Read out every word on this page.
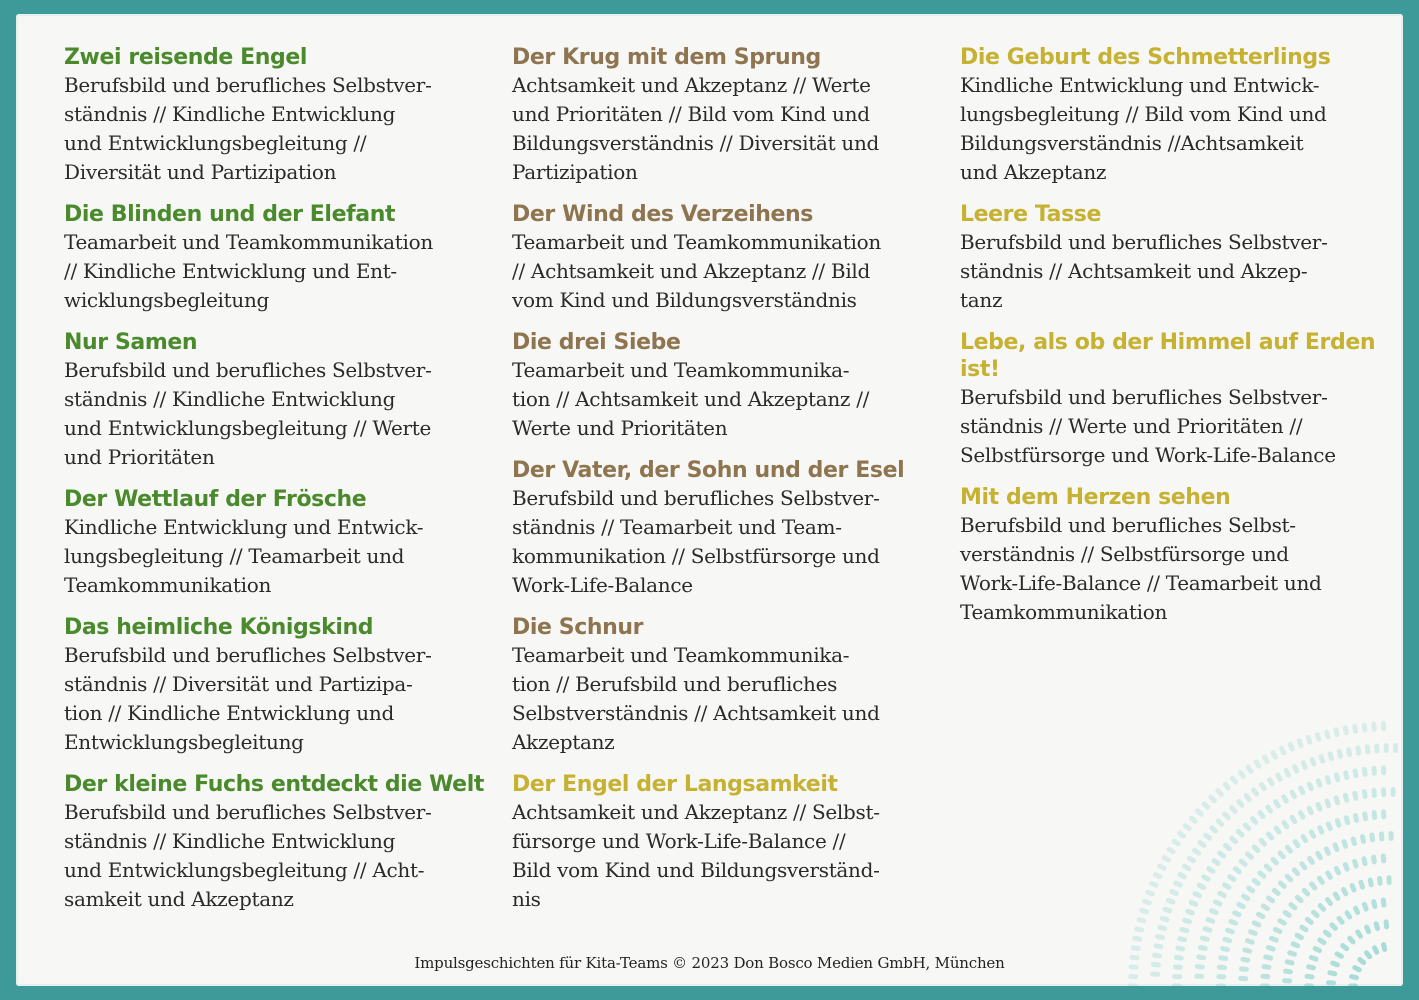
Zwei reisende Engel
Berufsbild und berufliches Selbstver-
ständnis // Kindliche Entwicklung
und Entwicklungsbegleitung //
Diversität und Partizipation
Die Blinden und der Elefant
Teamarbeit und Teamkommunikation
// Kindliche Entwicklung und Ent-
wicklungsbegleitung
Nur Samen
Berufsbild und berufliches Selbstver-
ständnis // Kindliche Entwicklung
und Entwicklungsbegleitung // Werte
und Prioritäten
Der Wettlauf der Frösche
Kindliche Entwicklung und Entwick-
lungsbegleitung // Teamarbeit und
Teamkommunikation
Das heimliche Königskind
Berufsbild und berufliches Selbstver-
ständnis // Diversität und Partizipa-
tion // Kindliche Entwicklung und
Entwicklungsbegleitung
Der kleine Fuchs entdeckt die Welt
Berufsbild und berufliches Selbstver-
ständnis // Kindliche Entwicklung
und Entwicklungsbegleitung // Acht-
samkeit und Akzeptanz
Der Krug mit dem Sprung
Achtsamkeit und Akzeptanz // Werte
und Prioritäten // Bild vom Kind und
Bildungsverständnis // Diversität und
Partizipation
Der Wind des Verzeihens
Teamarbeit und Teamkommunikation
// Achtsamkeit und Akzeptanz // Bild
vom Kind und Bildungsverständnis
Die drei Siebe
Teamarbeit und Teamkommunika-
tion // Achtsamkeit und Akzeptanz //
Werte und Prioritäten
Der Vater, der Sohn und der Esel
Berufsbild und berufliches Selbstver-
ständnis // Teamarbeit und Team-
kommunikation // Selbstfürsorge und
Work-Life-Balance
Die Schnur
Teamarbeit und Teamkommunika-
tion // Berufsbild und berufliches
Selbstverständnis // Achtsamkeit und
Akzeptanz
Der Engel der Langsamkeit
Achtsamkeit und Akzeptanz // Selbst-
fürsorge und Work-Life-Balance //
Bild vom Kind und Bildungsverständ-
nis
Die Geburt des Schmetterlings
Kindliche Entwicklung und Entwick-
lungsbegleitung // Bild vom Kind und
Bildungsverständnis //Achtsamkeit
und Akzeptanz
Leere Tasse
Berufsbild und berufliches Selbstver-
ständnis // Achtsamkeit und Akzep-
tanz
Lebe, als ob der Himmel auf Erden
ist!
Berufsbild und berufliches Selbstver-
ständnis // Werte und Prioritäten //
Selbstfürsorge und Work-Life-Balance
Mit dem Herzen sehen
Berufsbild und berufliches Selbst-
verständnis // Selbstfürsorge und
Work-Life-Balance // Teamarbeit und
Teamkommunikation
Impulsgeschichten für Kita-Teams © 2023 Don Bosco Medien GmbH, München
